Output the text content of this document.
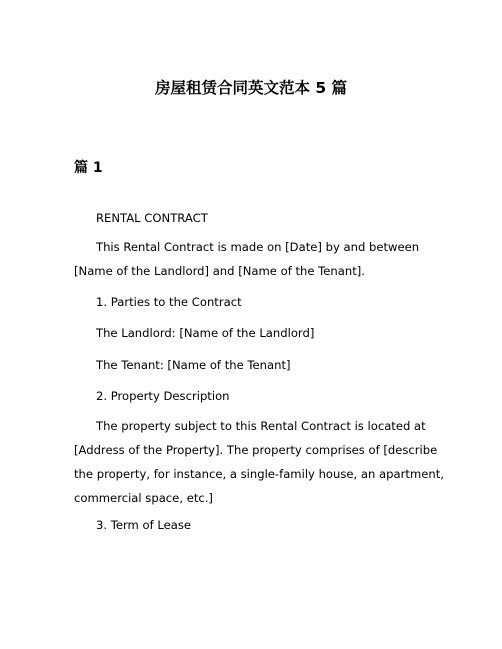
房屋租赁合同英文范本 5 篇
篇 1

RENTAL CONTRACT

This Rental Contract is made on [Date] by and between
[Name of the Landlord] and [Name of the Tenant].

1. Parties to the Contract

The Landlord: [Name of the Landlord]

The Tenant: [Name of the Tenant]

2. Property Description

The property subject to this Rental Contract is located at
[Address of the Property]. The property comprises of [describe
the property, for instance, a single-family house, an apartment,
commercial space, etc.]

3. Term of Lease
